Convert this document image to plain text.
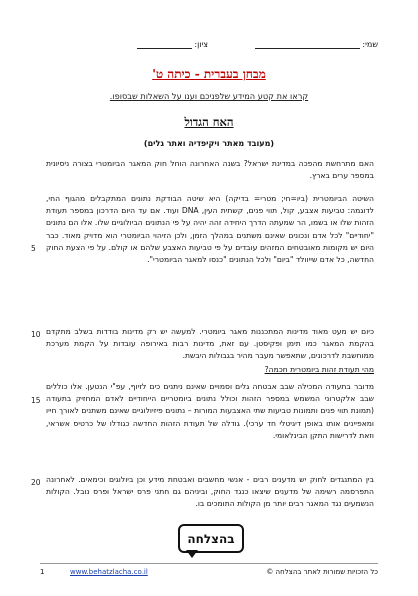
שמי:
ציון:
מבחן בעברית - כיתה ט'
קראו את קטע המידע שלפניכם וענו על השאלות שבסופו.
האח הגדול
(מעובד מאתר ויקיפדיה ואתר גלים)

האם מתרחשת מהפכה במדינת ישראל? בשנה האחרונה הוחל חוק המאגר הביומטרי בצורה ניסיונית במספר ערים בארץ.

השיטה הביומטרית (ביו=חי; מטרי= בדיקה) היא שיטה הבודקת נתונים המתקבלים מהגוף החי, לדוגמה: טביעות אצבע, קול, תווי פנים, קשתית העין, DNA ועוד. אם עד היום הדרכון במספר תעודת הזהות שלו או בשמו, הר שמעתה הדרך היחידה זהה יהיה על פי הנתונים הביולוגיים שלו. אלו הם נתונים "יחודיים" לכל אדם ונכונים שאינם משתנים במהלך הזמן, ולכן הזיהוי הביומטרי הוא מדויק מאוד. כבר היום יש מקומות מאובטחים המזהים עובדים על פי טביעות האצבע שלהם או קולם. על פי הצעת החוק החדשה, כל אדם שייוולד "ביום" ולכל הנתונים "כנסו למאגר הביומטרי".

כיום יש מעט מאוד מדינות המתכננות מאגר ביומטרי. למעשה יש רק מדינות בודדות בשלב מתקדם בהקמת המאגר כמו תימן ופקיסטן. עם זאת, מדינות רבות באירופה עובדות על הקמת מערכת ממוחשבת לדרכונים, שתאפשר מעבר מהיר בגבולות היבשת.

מהי תעודת זהות ביומטרית חכמה?

מדובר בתעודה המכילה שבב אבטחה גלים וסמויים שאינם ניתנים כים לזיוף, עפ"י הנטען. אלו כוללים שבב אלקטרוני המשמש במספר הזהות וכולל נתונים ביומטריים הייחודיים לאדם המחזיק בתעודה (תמונת תווי פנים ותמונות טביעות שתי האצבעות המורות – נתונים פיזיולוגיים שאינם משתנים לאורך חייו ומאפיינים אותו באופן דיגיטלי חד ערכי). גודלה של תעודת הזהות החדשה כגודלו של כרטיס אשראי, וזאת לדרישות התקן הבינלאומי.

בין המתנגדים לחוק יש מדענים רבים - אנשי מחשבים ואבטחת מידע וכן ביולוגים וכימאים. לאחרונה התפרסמה רשימה של מדענים שיצאו כנגד החוק, וביניהם גם חתני פרס ישראל ופרס נובל. הקולות הנשמעים נגד המאגר רבים יותר מן הקולות התומכים בו.

5
10
15
20
בהצלחה
כל הזכויות שמורות לאתר בהצלחה ©
www.behatzlacha.co.il
1
